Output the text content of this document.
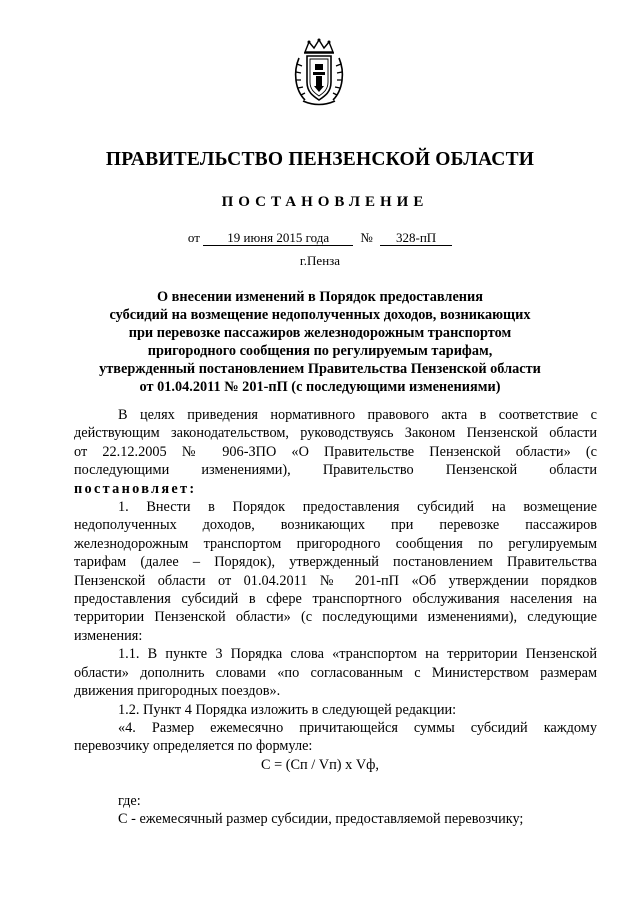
ПРАВИТЕЛЬСТВО ПЕНЗЕНСКОЙ ОБЛАСТИ
ПОСТАНОВЛЕНИЕ
от 19 июня 2015 года № 328-пП
г.Пенза
О внесении изменений в Порядок предоставления
субсидий на возмещение недополученных доходов, возникающих
при перевозке пассажиров железнодорожным транспортом
пригородного сообщения по регулируемым тарифам,
утвержденный постановлением Правительства Пензенской области
от 01.04.2011 № 201-пП (с последующими изменениями)
В целях приведения нормативного правового акта в соответствие с
действующим законодательством, руководствуясь Законом Пензенской области
от 22.12.2005 № 906-ЗПО «О Правительстве Пензенской области» (с
последующими изменениями), Правительство Пензенской области
постановляет:
1. Внести в Порядок предоставления субсидий на возмещение
недополученных доходов, возникающих при перевозке пассажиров
железнодорожным транспортом пригородного сообщения по регулируемым
тарифам (далее – Порядок), утвержденный постановлением Правительства
Пензенской области от 01.04.2011 № 201-пП «Об утверждении порядков
предоставления субсидий в сфере транспортного обслуживания населения на
территории Пензенской области» (с последующими изменениями), следующие
изменения:
1.1. В пункте 3 Порядка слова «транспортом на территории Пензенской
области» дополнить словами «по согласованным с Министерством размерам
движения пригородных поездов».
1.2. Пункт 4 Порядка изложить в следующей редакции:
«4. Размер ежемесячно причитающейся суммы субсидий каждому
перевозчику определяется по формуле:
С = (Сп / Vп) х Vф,
где:
С - ежемесячный размер субсидии, предоставляемой перевозчику;
